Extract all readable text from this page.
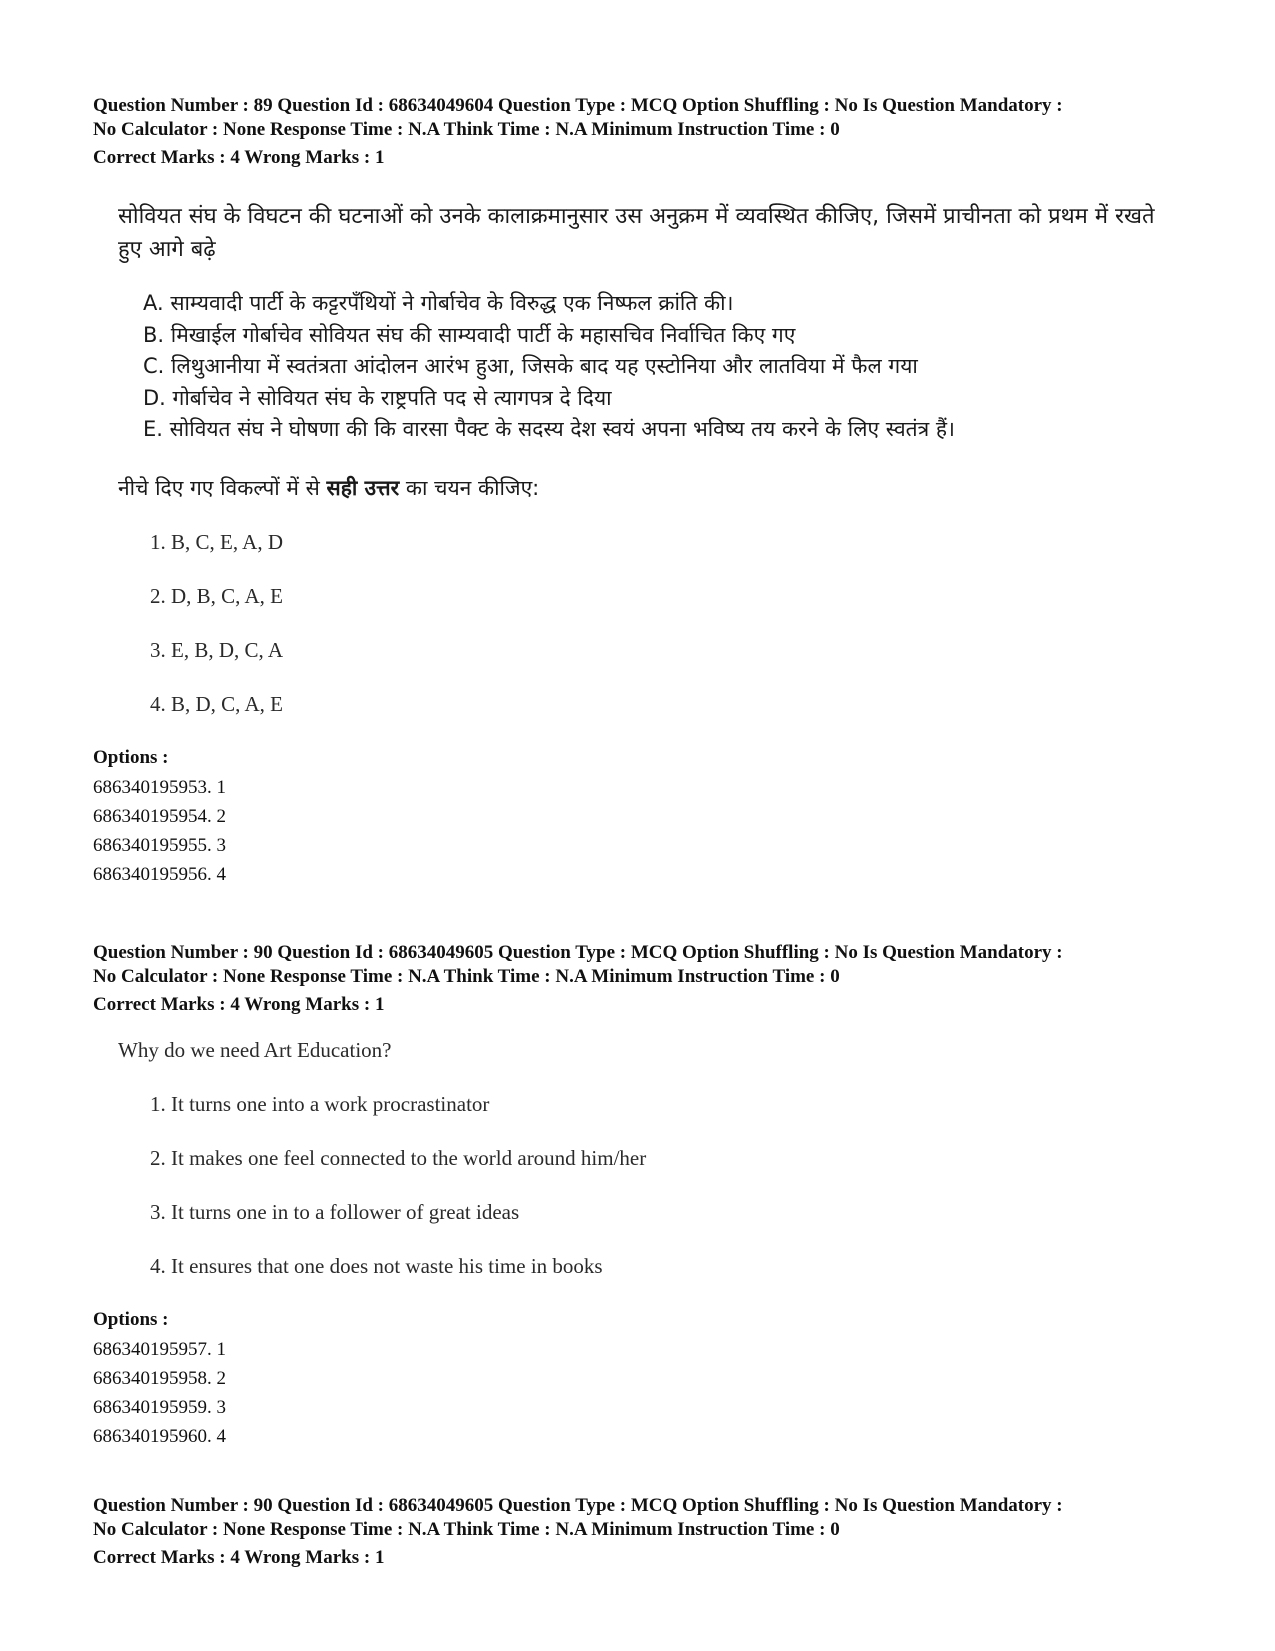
Question Number : 89 Question Id : 68634049604 Question Type : MCQ Option Shuffling : No Is Question Mandatory :
No Calculator : None Response Time : N.A Think Time : N.A Minimum Instruction Time : 0
Correct Marks : 4 Wrong Marks : 1
सोवियत संघ के विघटन की घटनाओं को उनके कालाक्रमानुसार उस अनुक्रम में व्यवस्थित कीजिए, जिसमें प्राचीनता को प्रथम में रखते हुए आगे बढ़े
A. साम्यवादी पार्टी के कट्टरपँथियों ने गोर्बाचेव के विरुद्ध एक निष्फल क्रांति की।
B. मिखाईल गोर्बाचेव सोवियत संघ की साम्यवादी पार्टी के महासचिव निर्वाचित किए गए
C. लिथुआनीया में स्वतंत्रता आंदोलन आरंभ हुआ, जिसके बाद यह एस्टोनिया और लातविया में फैल गया
D. गोर्बाचेव ने सोवियत संघ के राष्ट्रपति पद से त्यागपत्र दे दिया
E. सोवियत संघ ने घोषणा की कि वारसा पैक्ट के सदस्य देश स्वयं अपना भविष्य तय करने के लिए स्वतंत्र हैं।
नीचे दिए गए विकल्पों में से सही उत्तर का चयन कीजिए:
1. B, C, E, A, D
2. D, B, C, A, E
3. E, B, D, C, A
4. B, D, C, A, E
Options :
686340195953. 1
686340195954. 2
686340195955. 3
686340195956. 4
Question Number : 90 Question Id : 68634049605 Question Type : MCQ Option Shuffling : No Is Question Mandatory :
No Calculator : None Response Time : N.A Think Time : N.A Minimum Instruction Time : 0
Correct Marks : 4 Wrong Marks : 1
Why do we need Art Education?
1. It turns one into a work procrastinator
2. It makes one feel connected to the world around him/her
3. It turns one in to a follower of great ideas
4. It ensures that one does not waste his time in books
Options :
686340195957. 1
686340195958. 2
686340195959. 3
686340195960. 4
Question Number : 90 Question Id : 68634049605 Question Type : MCQ Option Shuffling : No Is Question Mandatory :
No Calculator : None Response Time : N.A Think Time : N.A Minimum Instruction Time : 0
Correct Marks : 4 Wrong Marks : 1
